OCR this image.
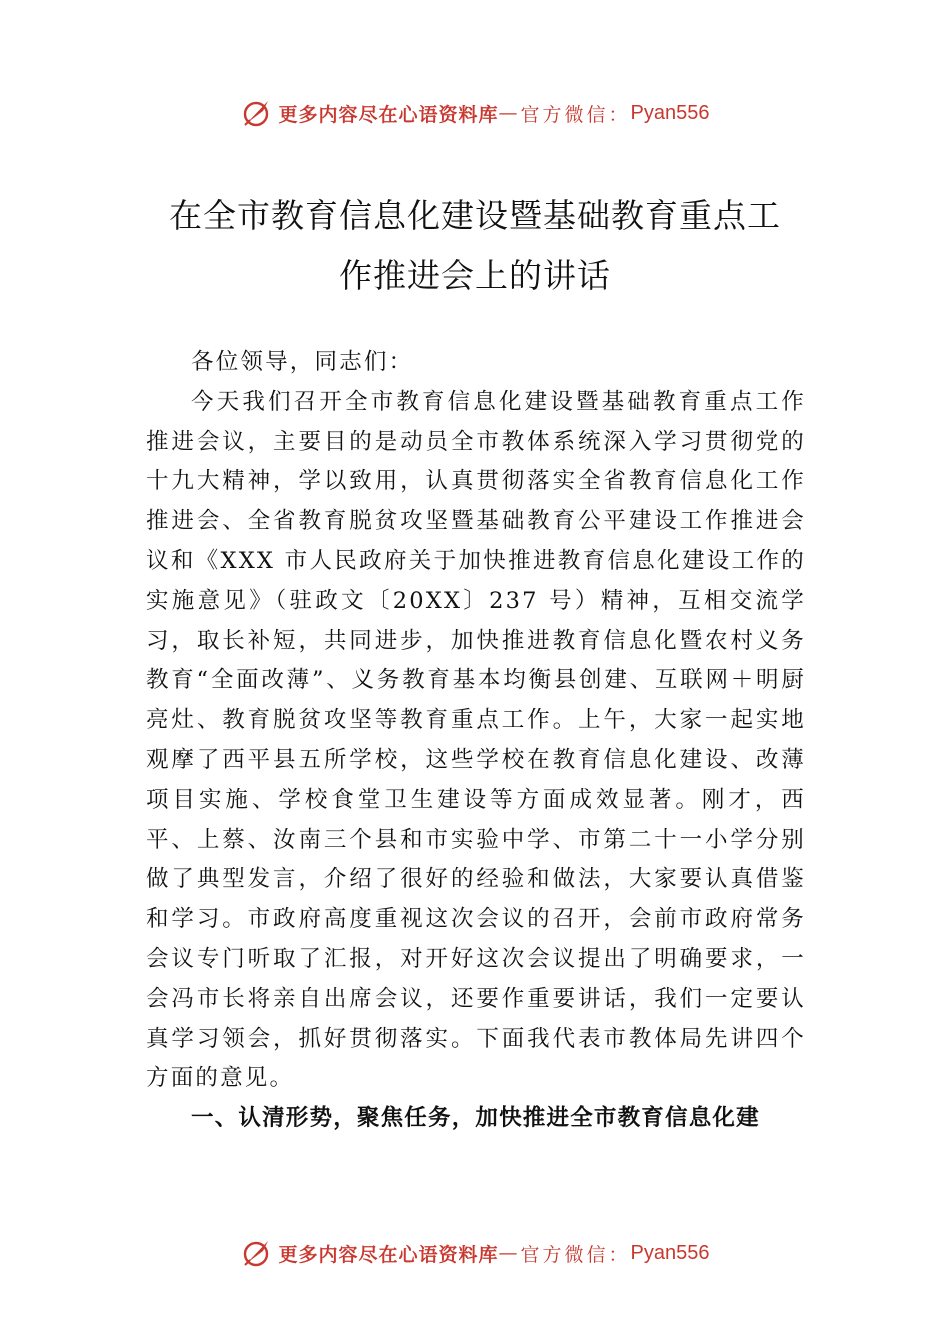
更多内容尽在心语资料库 — 官方微信： Pyan556
在全市教育信息化建设暨基础教育重点工
作推进会上的讲话

各位领导，同志们：

今天我们召开全市教育信息化建设暨基础教育重点工作推进会议，主要目的是动员全市教体系统深入学习贯彻党的十九大精神，学以致用，认真贯彻落实全省教育信息化工作推进会、全省教育脱贫攻坚暨基础教育公平建设工作推进会议和《XXX 市人民政府关于加快推进教育信息化建设工作的实施意见》（驻政文〔20XX〕237 号）精神，互相交流学习，取长补短，共同进步，加快推进教育信息化暨农村义务教育“全面改薄”、义务教育基本均衡县创建、互联网＋明厨亮灶、教育脱贫攻坚等教育重点工作。上午，大家一起实地观摩了西平县五所学校，这些学校在教育信息化建设、改薄项目实施、学校食堂卫生建设等方面成效显著。刚才，西平、上蔡、汝南三个县和市实验中学、市第二十一小学分别做了典型发言，介绍了很好的经验和做法，大家要认真借鉴和学习。市政府高度重视这次会议的召开，会前市政府常务会议专门听取了汇报，对开好这次会议提出了明确要求，一会冯市长将亲自出席会议，还要作重要讲话，我们一定要认真学习领会，抓好贯彻落实。下面我代表市教体局先讲四个方面的意见。

一、认清形势，聚焦任务，加快推进全市教育信息化建

更多内容尽在心语资料库 — 官方微信： Pyan556
